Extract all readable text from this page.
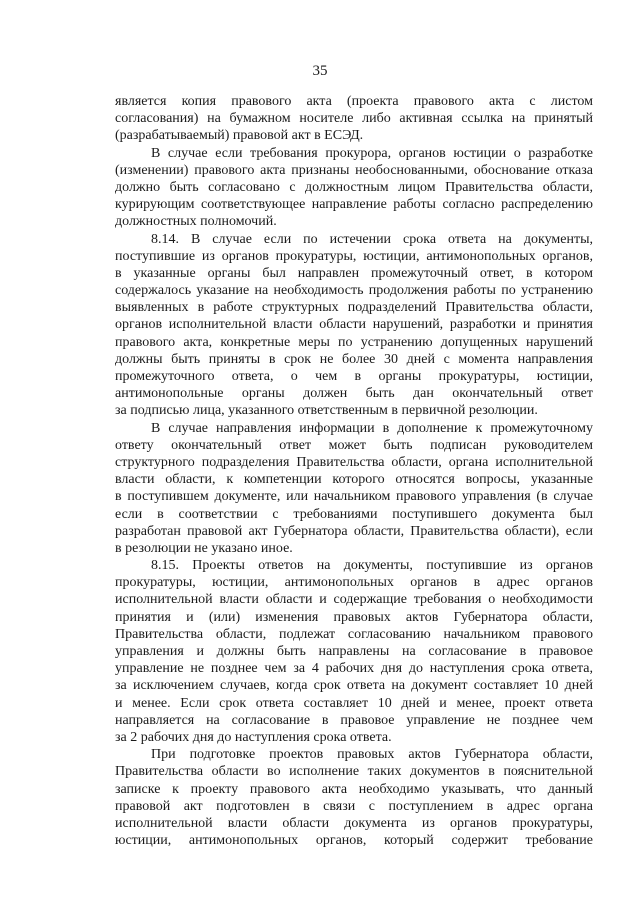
35
является копия правового акта (проекта правового акта с листом
согласования) на бумажном носителе либо активная ссылка на принятый
(разрабатываемый) правовой акт в ЕСЭД.
В случае если требования прокурора, органов юстиции о разработке
(изменении) правового акта признаны необоснованными, обоснование отказа
должно быть согласовано с должностным лицом Правительства области,
курирующим соответствующее направление работы согласно распределению
должностных полномочий.
8.14. В случае если по истечении срока ответа на документы,
поступившие из органов прокуратуры, юстиции, антимонопольных органов,
в указанные органы был направлен промежуточный ответ, в котором
содержалось указание на необходимость продолжения работы по устранению
выявленных в работе структурных подразделений Правительства области,
органов исполнительной власти области нарушений, разработки и принятия
правового акта, конкретные меры по устранению допущенных нарушений
должны быть приняты в срок не более 30 дней с момента направления
промежуточного ответа, о чем в органы прокуратуры, юстиции,
антимонопольные органы должен быть дан окончательный ответ
за подписью лица, указанного ответственным в первичной резолюции.
В случае направления информации в дополнение к промежуточному
ответу окончательный ответ может быть подписан руководителем
структурного подразделения Правительства области, органа исполнительной
власти области, к компетенции которого относятся вопросы, указанные
в поступившем документе, или начальником правового управления (в случае
если в соответствии с требованиями поступившего документа был
разработан правовой акт Губернатора области, Правительства области), если
в резолюции не указано иное.
8.15. Проекты ответов на документы, поступившие из органов
прокуратуры, юстиции, антимонопольных органов в адрес органов
исполнительной власти области и содержащие требования о необходимости
принятия и (или) изменения правовых актов Губернатора области,
Правительства области, подлежат согласованию начальником правового
управления и должны быть направлены на согласование в правовое
управление не позднее чем за 4 рабочих дня до наступления срока ответа,
за исключением случаев, когда срок ответа на документ составляет 10 дней
и менее. Если срок ответа составляет 10 дней и менее, проект ответа
направляется на согласование в правовое управление не позднее чем
за 2 рабочих дня до наступления срока ответа.
При подготовке проектов правовых актов Губернатора области,
Правительства области во исполнение таких документов в пояснительной
записке к проекту правового акта необходимо указывать, что данный
правовой акт подготовлен в связи с поступлением в адрес органа
исполнительной власти области документа из органов прокуратуры,
юстиции, антимонопольных органов, который содержит требование
